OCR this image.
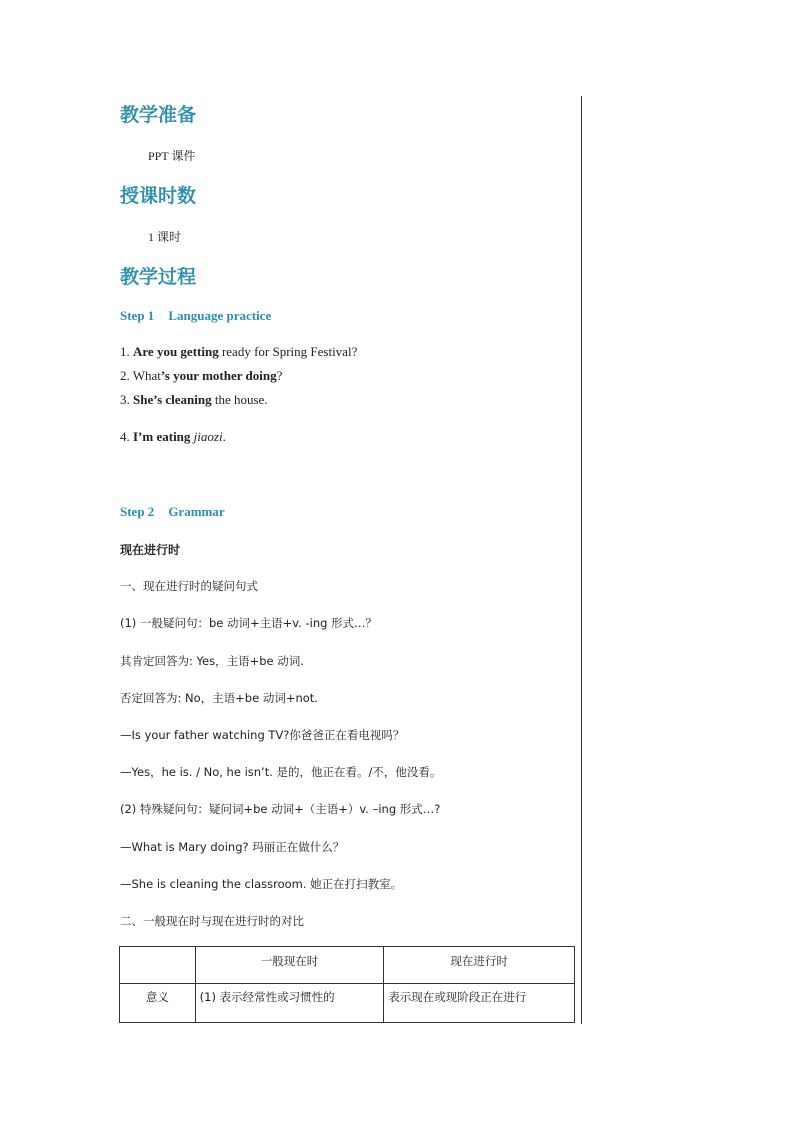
教学准备
PPT 课件
授课时数
1 课时
教学过程
Step 1 Language practice
1. Are you getting ready for Spring Festival?
2. What’s your mother doing?
3. She’s cleaning the house.
4. I’m eating jiaozi.
Step 2 Grammar
现在进行时
一、现在进行时的疑问句式
(1) 一般疑问句：be 动词+主语+v. -ing 形式…？
其肯定回答为: Yes，主语+be 动词.
否定回答为: No，主语+be 动词+not.
—Is your father watching TV?你爸爸正在看电视吗？
—Yes，he is. / No, he isn’t. 是的，他正在看。/不，他没看。
(2) 特殊疑问句：疑问词+be 动词+（主语+）v. –ing 形式…?
—What is Mary doing? 玛丽正在做什么？
—She is cleaning the classroom. 她正在打扫教室。
二、一般现在时与现在进行时的对比
	一般现在时	现在进行时
意义	(1) 表示经常性或习惯性的	表示现在或现阶段正在进行
